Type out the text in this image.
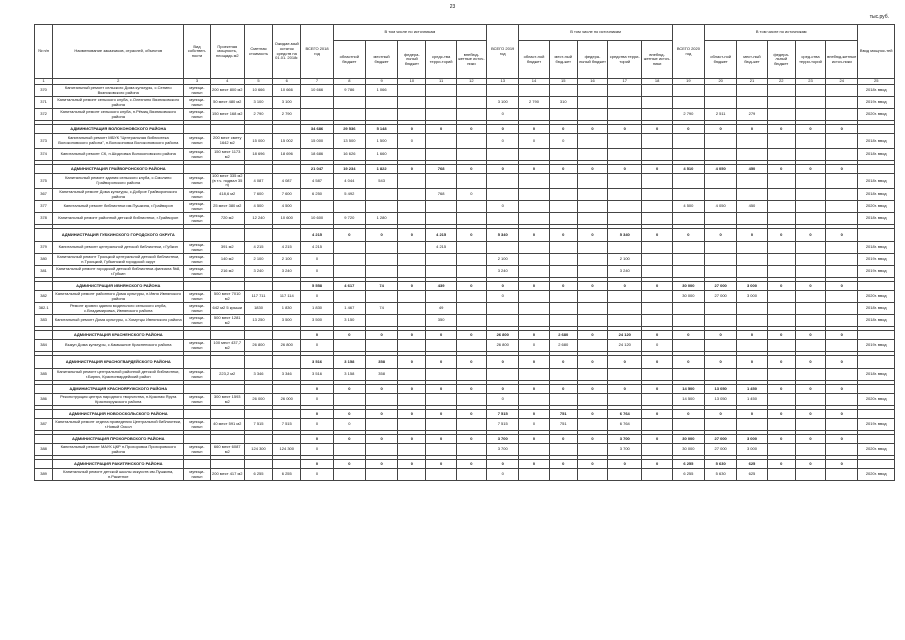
23
тыс.руб.
№ п/п	Наименование заказчиков, отраслей, объектов	Вид собствен-ности	Проектная мощность, площадь м2	Сметная стоимость	Ожидае-мый остаток средств на 01.01. 2018г.	ВСЕГО 2018 год	В том числе по источникам					ВСЕГО 2019 год	В том числе по источникам					ВСЕГО 2020 год	В том числе по источникам					Ввод мощнос-тей
							областной бюджет	местный бюджет	федера-льный бюджет	средс-тва терри-торий	внебюд-жетные источ-ники		област-ной бюджет	мест-ный бюд-жет	федера-льный бюджет	средства терри-торий	внебюд-жетные источ-ники		област-ной бюджет	мест-ный бюд-жет	федера-льный бюджет	сред-ства терри-торий	внебюд-жетные источ-ники	
1	2	3	4	5	6	7	8	9	10	11	12	13	14	15	16	17	18	19	20	21	22	23	24	25
370	Капитальный ремонт сельского Дома культуры, с.Сенино Вязниковского района	муници-пальн	200 мест 800 м2	10 666	10 666	10 666	9 786	1 066																2018г. ввод
371	Капитальный ремонт сельского клуба, с.Олехнино Вязниковского района	муници-пальн	50 мест 480 м2	3 100	3 100							3 100	2 790	310										2019г. ввод
372	Капитальный ремонт сельского клуба, п.Рёмиц Вязниковского района	муници-пальн	150 мест 168 м2	2 790	2 790							0						2 790	2 511	279				2020г. ввод

	АДМИНИСТРАЦИЯ ВОЛОКОНОВСКОГО РАЙОНА					34 686	29 536	5 148	0	0	0	0	0	0	0	0	0	0	0	0	0	0	0	
373	Капитальный ремонт МБУК "Центральная библиотека Волоконовского района", п.Волоконовка Волоконовского района	муници-пальн	200 мест смету 1642 м2	15 000	15 002	15 000	13 500	1 500	0			0	0	0										2018г. ввод
374	Капитальный ремонт СК, п.Шидловка Волоконовского района	муници-пальн	150 мест 1173 м2	18 696	18 696	18 686	16 626	1 660																2018г. ввод

	АДМИНИСТРАЦИЯ ГРАЙВОРОНСКОГО РАЙОНА					21 047	19 234	1 822	0	768	0	0	0	0	0	0	0	4 510	4 050	450	0	0	0	
375	Капитальный ремонт здания сельского клуба, с.Смолино Грайворонского района	муници-пальн	100 мест 335 м2 (в т.ч. подвал 35 п)	4 087	4 087	4 587	4 044	543																2018г. ввод
367	Капитальный ремонт Дома культуры, с.Доброе Грайворонского района	муници-пальн	418,6 м2	7 600	7 600	6 250	5 492			768	0													2018г. ввод
377	Капитальный ремонт библиотеки им.Пушкина, г.Грайворон	муници-пальн	25 мест 380 м2	4 500	4 500							0						4 500	4 050	450				2020г. ввод
378	Капитальный ремонт районной детской библиотеки, г.Грайворон	муници-пальн	720 м2	12 240	10 600	10 600	9 720	1 280																2018г. ввод

	АДМИНИСТРАЦИЯ ГУБКИНСКОГО ГОРОДСКОГО ОКРУГА					4 215	0	0	0	4 215	0	5 340	0	0	0	5 340	0	0	0	0	0	0	0	
379	Капитальный ремонт центральной детской библиотеки, г.Губкин	муници-пальн	391 м2	4 215	4 215	4 215				4 215														2018г. ввод
380	Капитальный ремонт Троицкой центральной детской библиотеки, п.Троицкий, Губкинский городской округ	муници-пальн	140 м2	2 100	2 100	0						2 100				2 100								2019г. ввод
381	Капитальный ремонт городской детской библиотеки-филиала №8, г.Губкин	муници-пальн	216 м2	3 240	3 240	0						3 240				3 240								2019г. ввод

	АДМИНИСТРАЦИЯ ИВНЯНСКОГО РАЙОНА					5 558	4 617	74	0	439	0	0	0	0	0	0	0	30 000	27 000	3 000	0	0	0	
382	Капитальный ремонт районного Дома культуры, п.Ивня Ивнянского района	муници-пальн	500 мест 7010 м2	117 711	117 114	0						0						30 000	27 000	3 000				2020г. ввод
382.1	Ремонт кровли здания модельного сельского клуба, с.Владимировка, Ивнянского района	муници-пальн	642 м2 5 крыши	1830	1 830	1 830	1 467	74		49														2018г. ввод
383	Капитальный ремонт Дома культуры, с.Хомутцы Ивнянского района	муници-пальн	500 мест 1281 м2	13 250	3 500	3 500	3 150			350														2018г. ввод

	АДМИНИСТРАЦИЯ КРАСНЕНСКОГО РАЙОНА					0	0	0	0	0	0	26 800	0	2 680	0	24 120	0	0	0	0	0	0	0	
384	Выкуп Дома культуры, с.Камышное Красненского района	муници-пальн	100 мест 437,7 м2	26 800	26 800	0						26 800	0	2 680		24 120	0							2019г. ввод

	АДМИНИСТРАЦИЯ КРАСНОГВАРДЕЙСКОГО РАЙОНА					3 516	3 158	358	0	0	0	0	0	0	0	0	0	0	0	0	0	0	0	
385	Капитальный ремонт центральной районной детской библиотеки, г.Бирюч, Красногвардейский район	муници-пальн	223,2 м2	3 346	3 346	3 516	3 158	358																2018г. ввод

	АДМИНИСТРАЦИЯ КРАСНОЯРУЖСКОГО РАЙОНА					0	0	0	0	0	0	0	0	0	0	0	0	14 500	13 050	1 450	0	0	0	
386	Реконструкция центра народного творчества, п.Красная Яруга Краснояружского района	муници-пальн	300 мест 1593 м2	26 000	26 000	0						0						14 500	13 050	1 450				2020г. ввод

	АДМИНИСТРАЦИЯ НОВООСКОЛЬСКОГО РАЙОНА					0	0	0	0	0	0	7 515	0	751	0	6 764	0	0	0	0	0	0	0	
387	Капитальный ремонт отдела проведения Центральной библиотеки, г.Новый Оскол	муници-пальн	40 мест 591 м2	7 515	7 515	0	0					7 515	0	751		6 764								2019г. ввод

	АДМИНИСТРАЦИЯ ПРОХОРОВСКОГО РАЙОНА					0	0	0	0	0	0	3 700	0	0	0	3 700	0	30 000	27 000	3 000	0	0	0	
388	Капитальный ремонт МАУК ЦКР п.Прохоровка Прохоровского района	муници-пальн	660 мест 6087 м2	124 300	124 300	0						3 700				3 700		30 000	27 000	3 000				2020г. ввод

	АДМИНИСТРАЦИЯ РАКИТЯНСКОГО РАЙОНА					0	0	0	0	0	0	0	0	0	0	0	0	6 255	5 630	625	0	0	0	
389	Капитальный ремонт детской школы искусств им.Пушкина, п.Ракитное	муници-пальн	200 мест 417 м2	6 255	6 255	0						0						6 255	5 630	625				2020г. ввод
